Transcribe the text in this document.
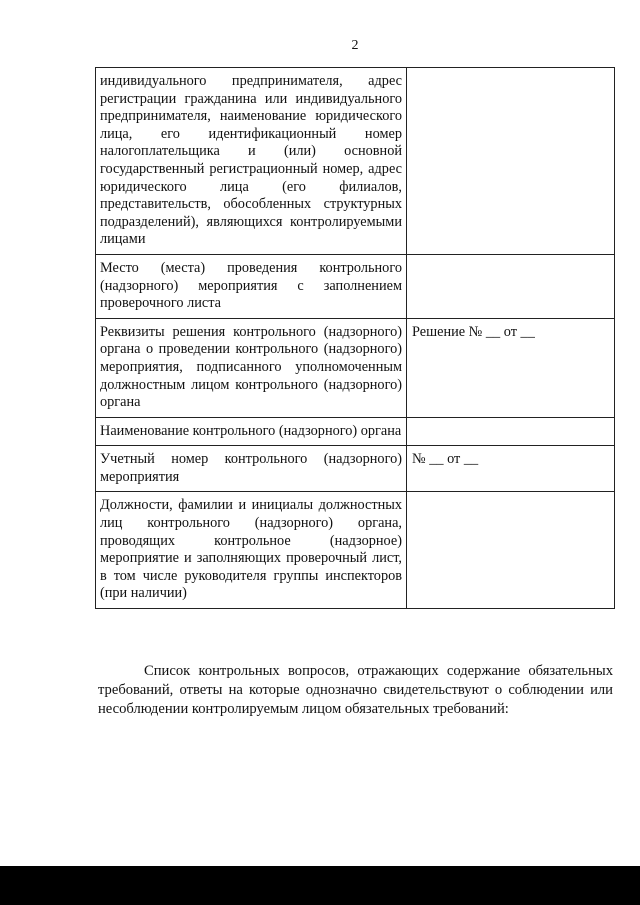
2
индивидуального предпринимателя, адрес регистрации гражданина или индивидуального предпринимателя, наименование юридического лица, его идентификационный номер налогоплательщика и (или) основной государственный регистрационный номер, адрес юридического лица (его филиалов, представительств, обособленных структурных подразделений), являющихся контролируемыми лицами	
Место (места) проведения контрольного (надзорного) мероприятия с заполнением проверочного листа	
Реквизиты решения контрольного (надзорного) органа о проведении контрольного (надзорного) мероприятия, подписанного уполномоченным должностным лицом контрольного (надзорного) органа	Решение № __ от __
Наименование контрольного (надзорного) органа	
Учетный номер контрольного (надзорного) мероприятия	№ __ от __
Должности, фамилии и инициалы должностных лиц контрольного (надзорного) органа, проводящих контрольное (надзорное) мероприятие и заполняющих проверочный лист, в том числе руководителя группы инспекторов (при наличии)	

Список контрольных вопросов, отражающих содержание обязательных требований, ответы на которые однозначно свидетельствуют о соблюдении или несоблюдении контролируемым лицом обязательных требований:
